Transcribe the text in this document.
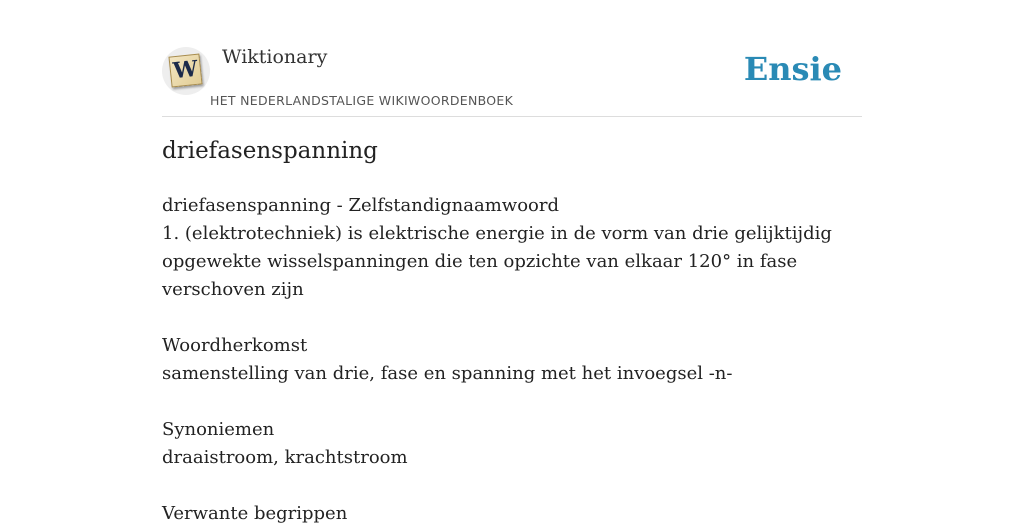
W Wiktionary
HET NEDERLANDSTALIGE WIKIWOORDENBOEK
Ensie
driefasenspanning

driefasenspanning - Zelfstandignaamwoord

1. (elektrotechniek) is elektrische energie in de vorm van drie gelijktijdig opgewekte wisselspanningen die ten opzichte van elkaar 120° in fase verschoven zijn

Woordherkomst

samenstelling van drie, fase en spanning met het invoegsel -n-

Synoniemen

draaistroom, krachtstroom

Verwante begrippen
